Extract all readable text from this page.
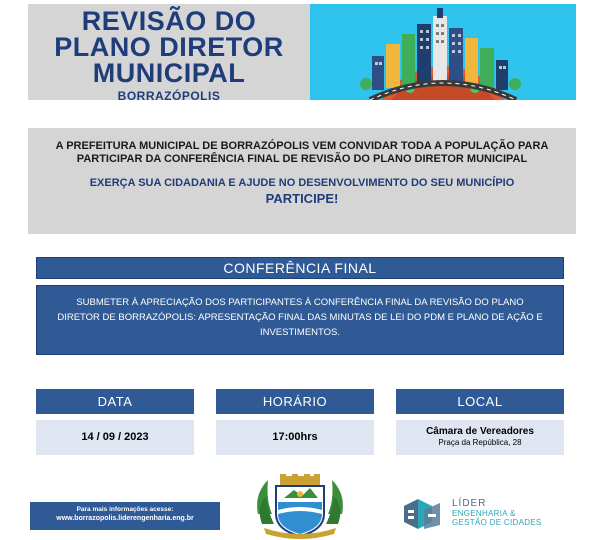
REVISÃO DO
PLANO DIRETOR
MUNICIPAL
BORRAZÓPOLIS
A PREFEITURA MUNICIPAL DE BORRAZÓPOLIS VEM CONVIDAR TODA A POPULAÇÃO PARA PARTICIPAR DA CONFERÊNCIA FINAL DE REVISÃO DO PLANO DIRETOR MUNICIPAL
EXERÇA SUA CIDADANIA E AJUDE NO DESENVOLVIMENTO DO SEU MUNICÍPIO
PARTICIPE!
CONFERÊNCIA FINAL
SUBMETER À APRECIAÇÃO DOS PARTICIPANTES À CONFERÊNCIA FINAL DA REVISÃO DO PLANO DIRETOR DE BORRAZÓPOLIS: APRESENTAÇÃO FINAL DAS MINUTAS DE LEI DO PDM E PLANO DE AÇÃO E INVESTIMENTOS.
DATA	HORÁRIO	LOCAL
14 / 09 / 2023	17:00hrs	Câmara de Vereadores
Praça da República, 28
Para mais informações acesse:
www.borrazopolis.liderengenharia.eng.br
LÍDER
ENGENHARIA &
GESTÃO DE CIDADES
